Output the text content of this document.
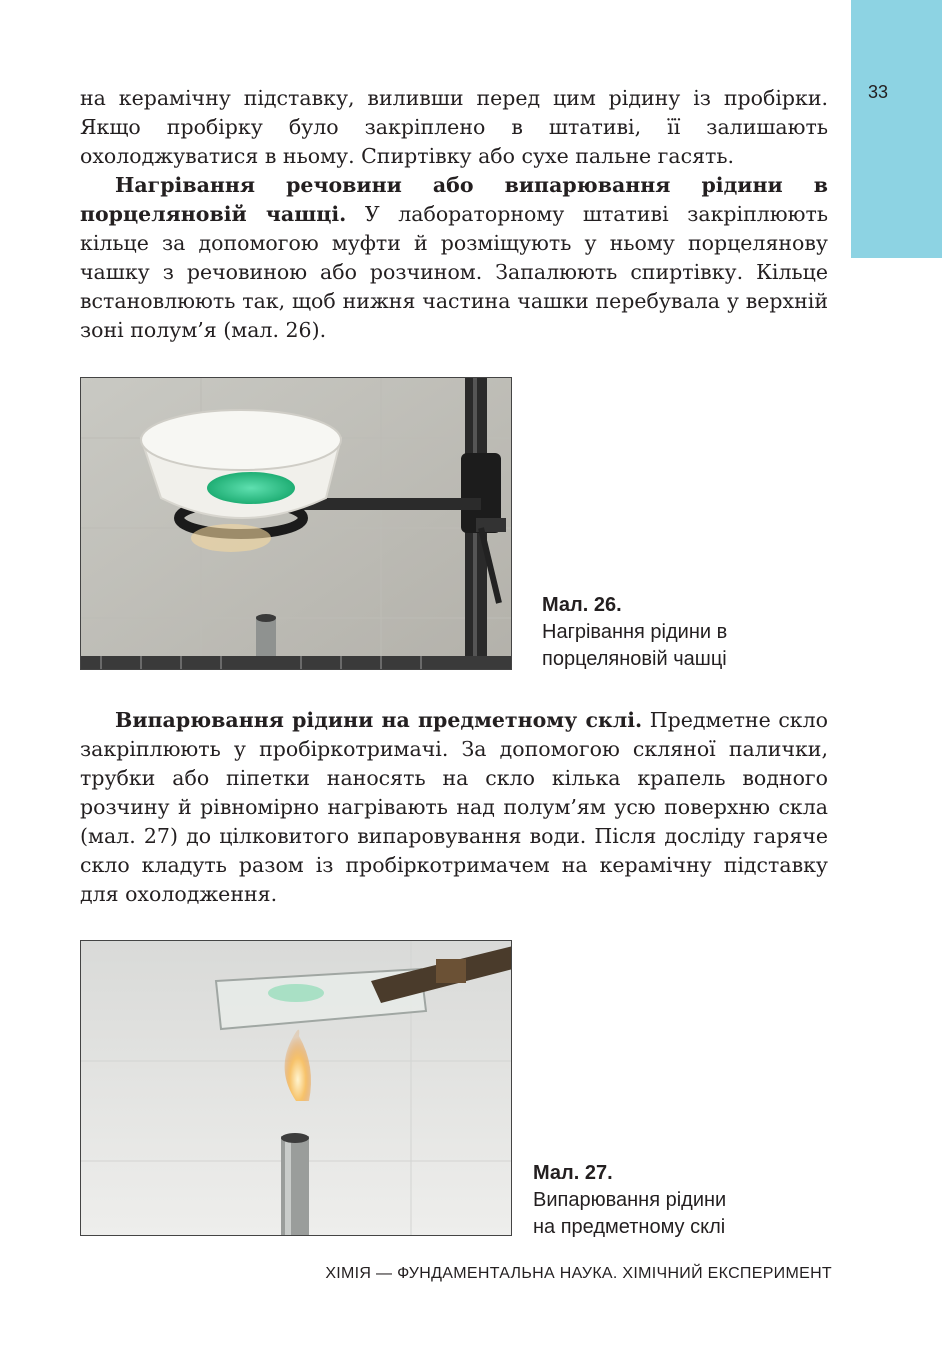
33

на керамічну підставку, виливши перед цим рідину із пробірки. Якщо пробірку було закріплено в штативі, її залишають охолоджуватися в ньому. Спиртівку або сухе пальне гасять.

Нагрівання речовини або випарювання рідини в порцеляновій чашці. У лабораторному штативі закріплюють кільце за допомогою муфти й розміщують у ньому порцелянову чашку з речовиною або розчином. Запалюють спиртівку. Кільце встановлюють так, щоб нижня частина чашки перебувала у верхній зоні полум’я (мал. 26).

Мал. 26.
Нагрівання рідини в
порцеляновій чашці

Випарювання рідини на предметному склі. Предметне скло закріплюють у пробіркотримачі. За допомогою скляної палички, трубки або піпетки наносять на скло кілька крапель водного розчину й рівномірно нагрівають над полум’ям усю поверхню скла (мал. 27) до цілковитого випаровування води. Після досліду гаряче скло кладуть разом із пробіркотримачем на керамічну підставку для охолодження.

Мал. 27.
Випарювання рідини
на предметному склі
ХІМІЯ — ФУНДАМЕНТАЛЬНА НАУКА. ХІМІЧНИЙ ЕКСПЕРИМЕНТ
